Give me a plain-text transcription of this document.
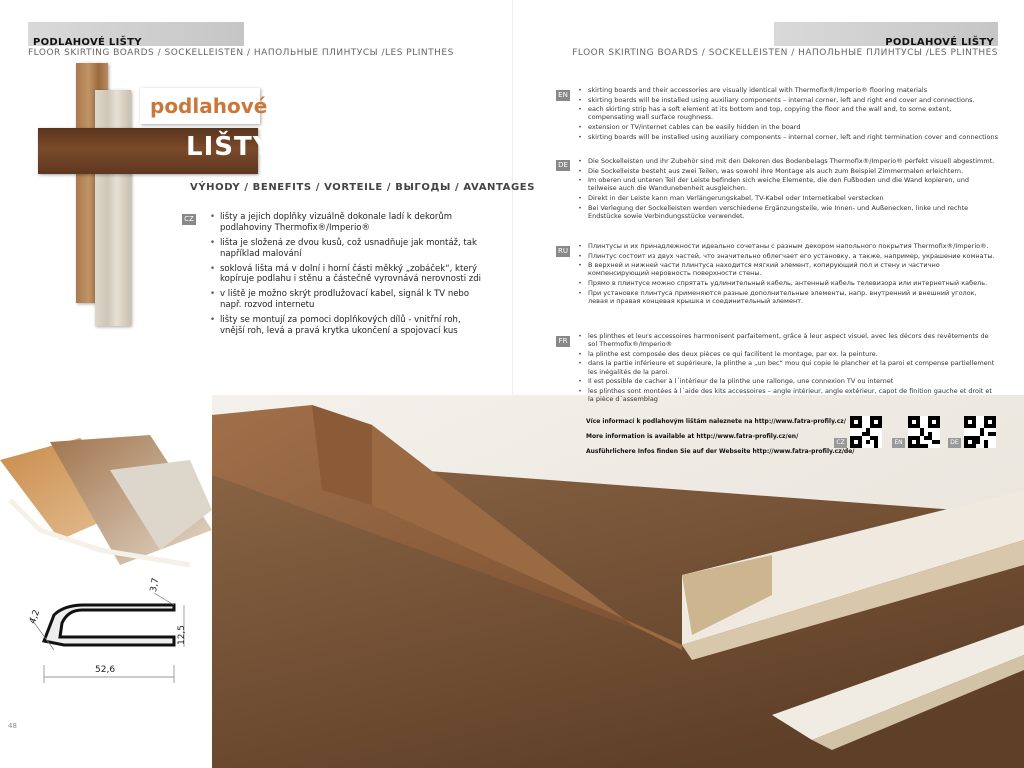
PODLAHOVÉ LIŠTY
FLOOR SKIRTING BOARDS / SOCKELLEISTEN / НАПОЛЬНЫЕ ПЛИНТУСЫ /LES PLINTHES
PODLAHOVÉ LIŠTY
FLOOR SKIRTING BOARDS / SOCKELLEISTEN / НАПОЛЬНЫЕ ПЛИНТУСЫ /LES PLINTHES
podlahové
LIŠTY
VÝHODY / BENEFITS / VORTEILE / ВЫГОДЫ / AVANTAGES
CZ	• lišty a jejich doplňky vizuálně dokonale ladí k dekorům podlahoviny Thermofix®/Imperio®
• lišta je složená ze dvou kusů, což usnadňuje jak montáž, tak například malování
• soklová lišta má v dolní i horní části měkký „zobáček“, který kopíruje podlahu i stěnu a částečně vyrovnává nerovnosti zdi
• v liště je možno skrýt prodlužovací kabel, signál k TV nebo např. rozvod internetu
• lišty se montují za pomoci doplňkových dílů - vnitřní roh, vnější roh, levá a pravá krytka ukončení a spojovací kus
4,2
3,7
12,5
52,6
48
EN
• skirting boards and their accessories are visually identical with Thermofix®/Imperio® flooring materials
• skirting boards will be installed using auxiliary components – internal corner, left and right end cover and connections.
• each skirting strip has a soft element at its bottom and top, copying the floor and the wall and, to some extent, compensating wall surface roughness.
• extension or TV/internet cables can be easily hidden in the board
• skirting boards will be installed using auxiliary components – internal corner, left and right termination cover and connections
DE	• Die Sockelleisten und ihr Zubehör sind mit den Dekoren des Bodenbelags Thermofix®/Imperio® perfekt visuell abgestimmt.
• Die Sockelleiste besteht aus zwei Teilen, was sowohl ihre Montage als auch zum Beispiel Zimmermalen erleichtern.
• Im oberen und unteren Teil der Leiste befinden sich weiche Elemente, die den Fußboden und die Wand kopieren, und teilweise auch die Wandunebenheit ausgleichen.
• Direkt in der Leiste kann man Verlängerungskabel, TV-Kabel oder Internetkabel verstecken
• Bei Verlegung der Sockelleisten werden verschiedene Ergänzungsteile, wie Innen- und Außenecken, linke und rechte Endstücke sowie Verbindungsstücke verwendet.
RU
• Плинтусы и их принадлежности идеально сочетаны с разным декором напольного покрытия Thermofix®/Imperio®.
• Плинтус состоит из двух частей, что значительно облегчает его установку, а также, например, украшение комнаты.
• В верхней и нижней части плинтуса находится мягкий элемент, копирующий пол и стену и частично компенсирующий неровность поверхности стены.
• Прямо в плинтусе можно спрятать удлинительный кабель, антенный кабель телевизора или интернетный кабель.
• При установке плинтуса применяются разные дополнительные элементы, напр. внутренний и внешний уголок, левая и правая концевая крышка и соединительный элемент.
FR
• les plinthes et leurs accessoires harmonisent parfaitement, grâce à leur aspect visuel, avec les décors des revêtements de sol Thermofix®/Imperio®
• la plinthe est composée des deux pièces ce qui facilitent le montage, par ex. la peinture.
• dans la partie inférieure et supérieure, la plinthe a „un bec“ mou qui copie le plancher et la paroi et compense partiellement les inégalités de la paroi.
• Il est possible de cacher à l´intérieur de la plinthe une rallonge, une connexion TV ou internet
• les plinthes sont montées à l´aide des kits accessoires – angle intérieur, angle extérieur, capot de finition gauche et droit et la pièce d´assemblag
Více informací k podlahovým lištám naleznete na http://www.fatra-profily.cz/
More information is available at http://www.fatra-profily.cz/en/
Ausführlichere Infos finden Sie auf der Webseite http://www.fatra-profily.cz/de/
CZ	EN	DE
